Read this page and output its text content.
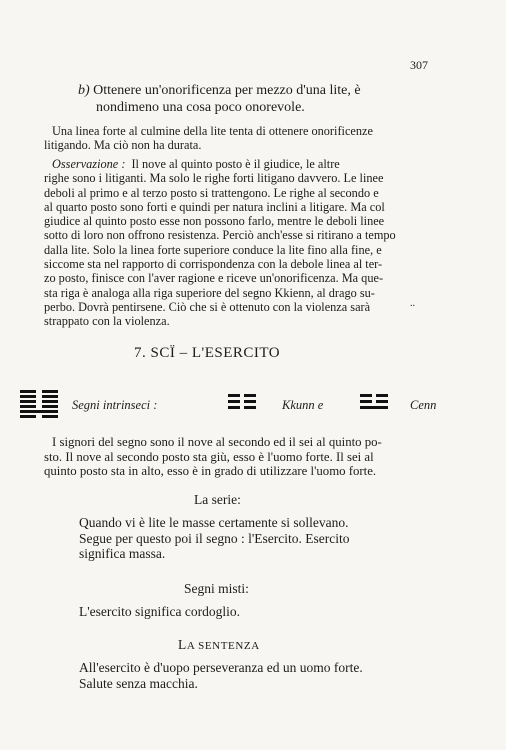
307
b) Ottenere un'onorificenza per mezzo d'una lite, è
nondimeno una cosa poco onorevole.
Una linea forte al culmine della lite tenta di ottenere onorificenze
litigando. Ma ciò non ha durata.
Osservazione : Il nove al quinto posto è il giudice, le altre
righe sono i litiganti. Ma solo le righe forti litigano davvero. Le linee
deboli al primo e al terzo posto si trattengono. Le righe al secondo e
al quarto posto sono forti e quindi per natura inclini a litigare. Ma col
giudice al quinto posto esse non possono farlo, mentre le deboli linee
sotto di loro non offrono resistenza. Perciò anch'esse si ritirano a tempo
dalla lite. Solo la linea forte superiore conduce la lite fino alla fine, e
siccome sta nel rapporto di corrispondenza con la debole linea al ter-
zo posto, finisce con l'aver ragione e riceve un'onorificenza. Ma que-
sta riga è analoga alla riga superiore del segno Kkienn, al drago su-
perbo. Dovrà pentirsene. Ciò che si è ottenuto con la violenza sarà
strappato con la violenza.
..
7. SCÏ – L'ESERCITO
Segni intrinseci :	Kkunn e	Cenn
I signori del segno sono il nove al secondo ed il sei al quinto po-
sto. Il nove al secondo posto sta giù, esso è l'uomo forte. Il sei al
quinto posto sta in alto, esso è in grado di utilizzare l'uomo forte.
La serie:
Quando vi è lite le masse certamente si sollevano.
Segue per questo poi il segno : l'Esercito. Esercito
significa massa.
Segni misti:
L'esercito significa cordoglio.
LA SENTENZA
All'esercito è d'uopo perseveranza ed un uomo forte.
Salute senza macchia.
